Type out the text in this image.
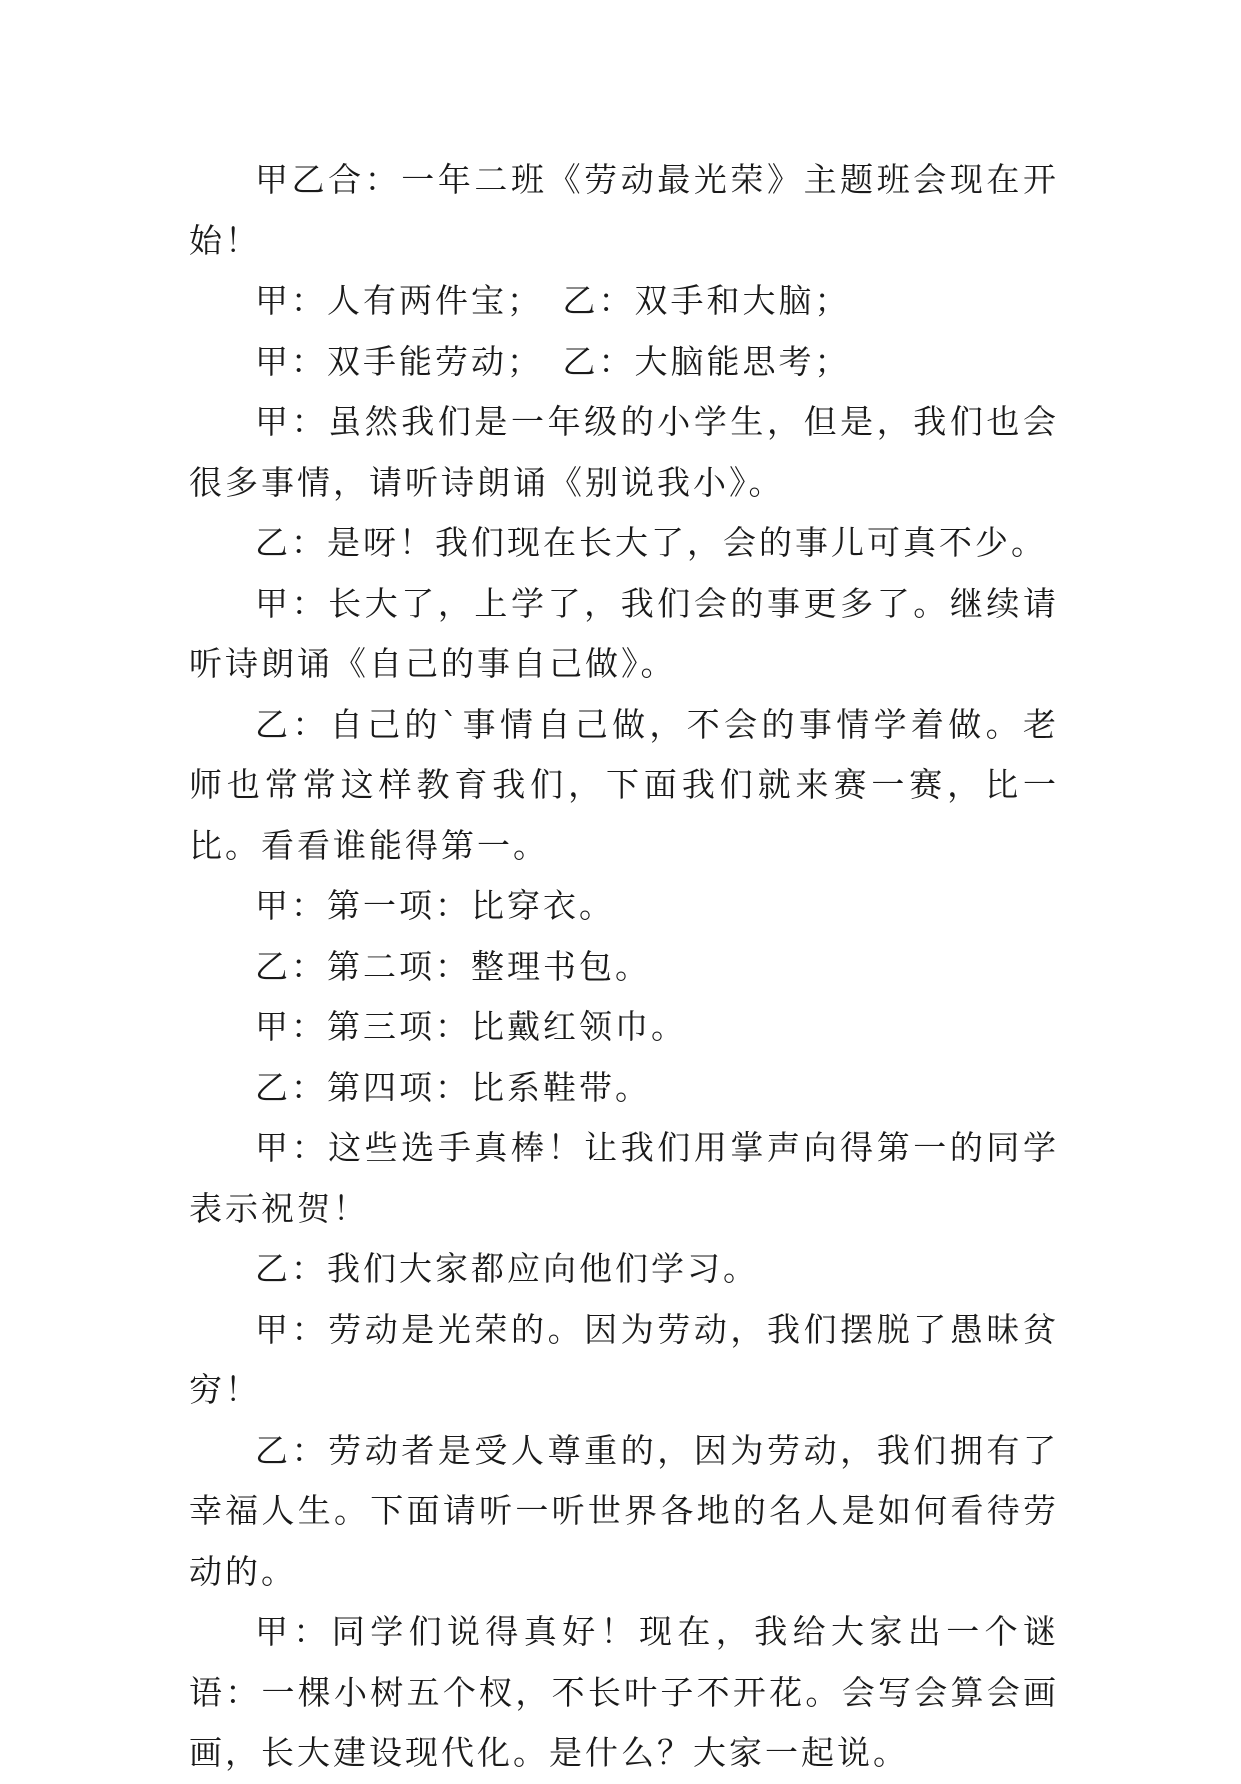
甲乙合：一年二班《劳动最光荣》主题班会现在开始！

甲：人有两件宝；　乙：双手和大脑；

甲：双手能劳动；　乙：大脑能思考；

甲：虽然我们是一年级的小学生，但是，我们也会很多事情，请听诗朗诵《别说我小》。

乙：是呀！我们现在长大了，会的事儿可真不少。

甲：长大了，上学了，我们会的事更多了。继续请听诗朗诵《自己的事自己做》。

乙：自己的`事情自己做，不会的事情学着做。老师也常常这样教育我们，下面我们就来赛一赛，比一比。看看谁能得第一。

甲：第一项：比穿衣。

乙：第二项：整理书包。

甲：第三项：比戴红领巾。

乙：第四项：比系鞋带。

甲：这些选手真棒！让我们用掌声向得第一的同学表示祝贺！

乙：我们大家都应向他们学习。

甲：劳动是光荣的。因为劳动，我们摆脱了愚昧贫穷！

乙：劳动者是受人尊重的，因为劳动，我们拥有了幸福人生。下面请听一听世界各地的名人是如何看待劳动的。

甲：同学们说得真好！现在，我给大家出一个谜语：一棵小树五个杈，不长叶子不开花。会写会算会画画，长大建设现代化。是什么？大家一起说。
